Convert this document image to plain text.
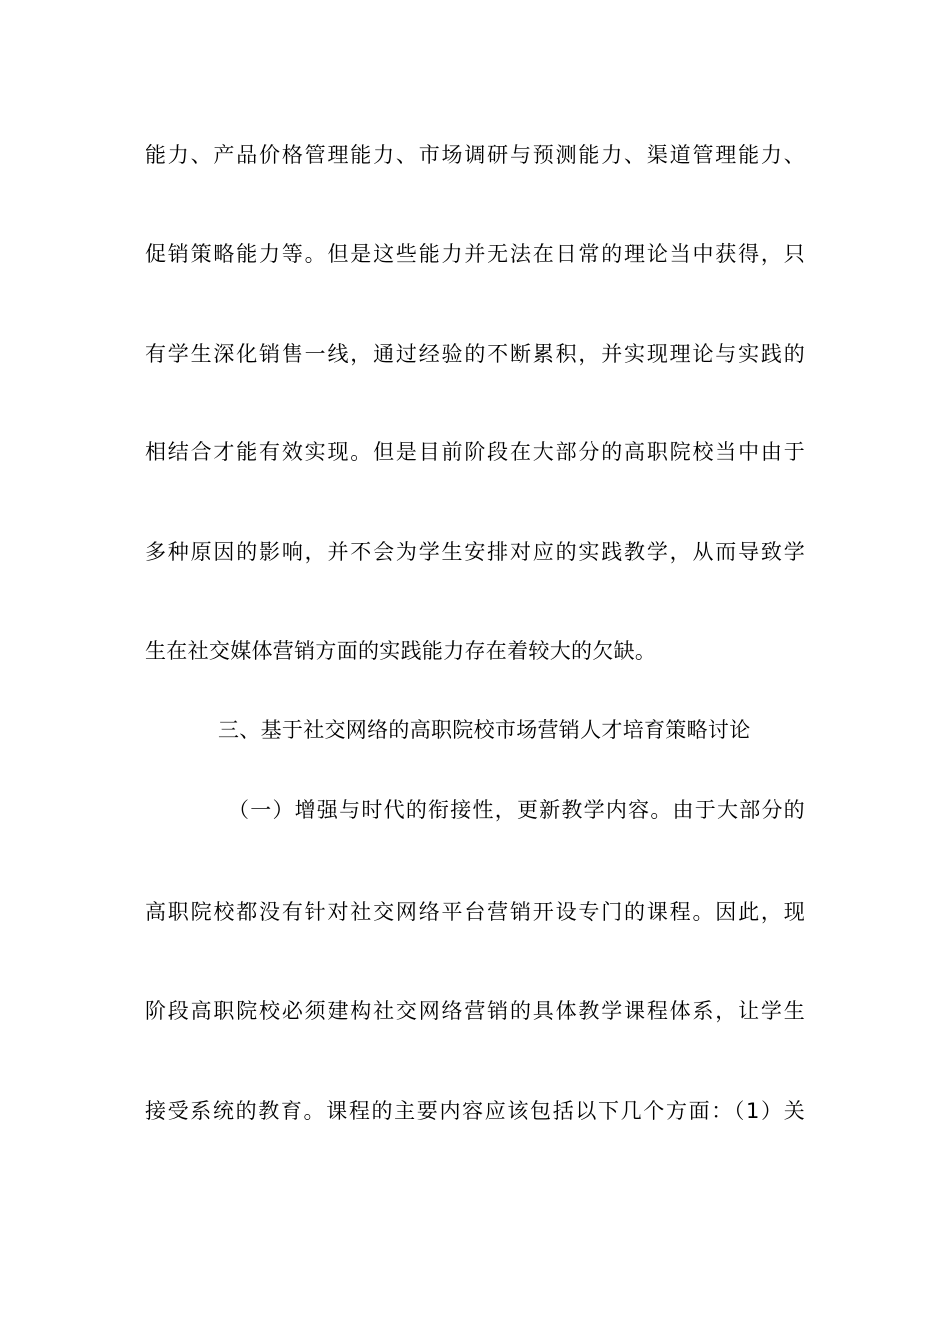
能力、产品价格管理能力、市场调研与预测能力、渠道管理能力、
促销策略能力等。但是这些能力并无法在日常的理论当中获得，只
有学生深化销售一线，通过经验的不断累积，并实现理论与实践的
相结合才能有效实现。但是目前阶段在大部分的高职院校当中由于
多种原因的影响，并不会为学生安排对应的实践教学，从而导致学
生在社交媒体营销方面的实践能力存在着较大的欠缺。
三、基于社交网络的高职院校市场营销人才培育策略讨论
（一）增强与时代的衔接性，更新教学内容。由于大部分的
高职院校都没有针对社交网络平台营销开设专门的课程。因此，现
阶段高职院校必须建构社交网络营销的具体教学课程体系，让学生
接受系统的教育。课程的主要内容应该包括以下几个方面：（1）关
